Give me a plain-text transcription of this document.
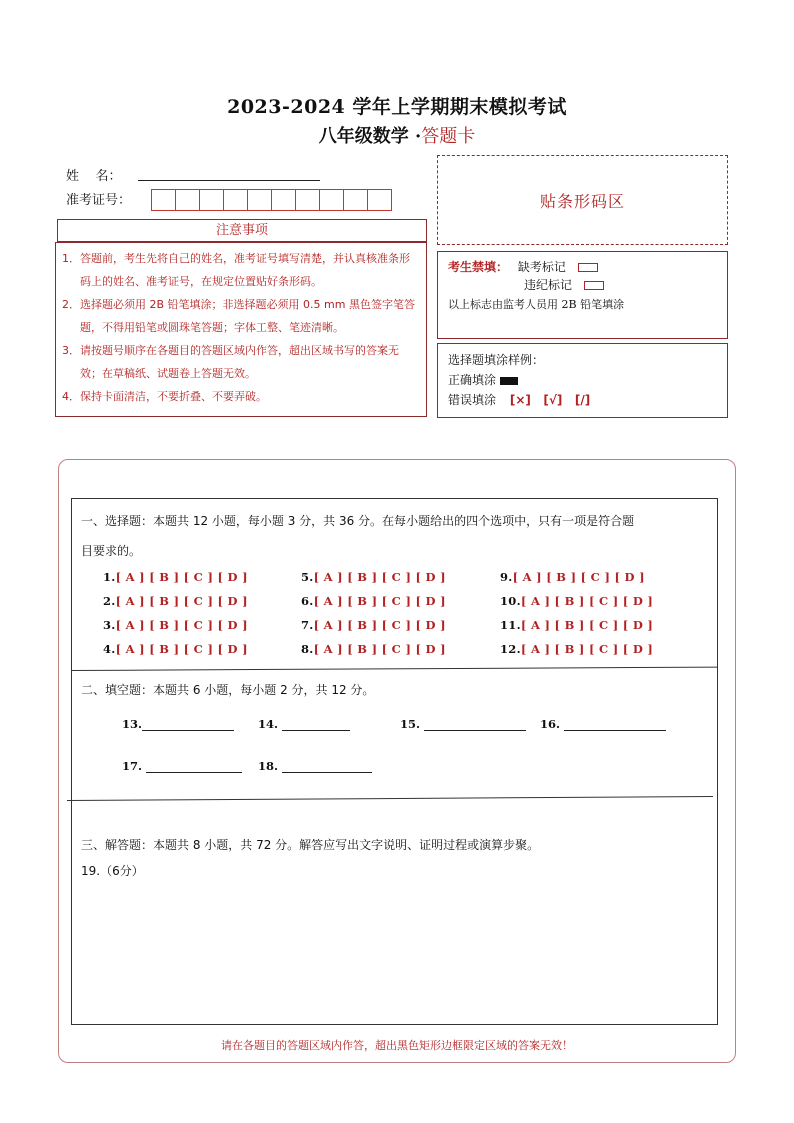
2023-2024 学年上学期期末模拟考试
八年级数学 ·答题卡
姓    名：
准考证号：	贴条形码区
注意事项
1． 答题前，考生先将自己的姓名，准考证号填写清楚，并认真核准条形码上的姓名、准考证号，在规定位置贴好条形码。
2． 选择题必须用 2B 铅笔填涂；非选择题必须用 0.5 mm 黑色签字笔答题，不得用铅笔或圆珠笔答题；字体工整、笔迹清晰。
3． 请按题号顺序在各题目的答题区域内作答，超出区域书写的答案无效；在草稿纸、试题卷上答题无效。
4． 保持卡面清洁，不要折叠、不要弄破。
考生禁填： 缺考标记
违纪标记
以上标志由监考人员用 2B 铅笔填涂
选择题填涂样例：
正确填涂
错误填涂 [×]   [√]   [/]
一、选择题：本题共 12 小题，每小题 3 分，共 36 分。在每小题给出的四个选项中，只有一项是符合题
目要求的。
1.[ A ] [ B ] [ C ] [ D ]
2.[ A ] [ B ] [ C ] [ D ]
3.[ A ] [ B ] [ C ] [ D ]
4.[ A ] [ B ] [ C ] [ D ]
5.[ A ] [ B ] [ C ] [ D ]
6.[ A ] [ B ] [ C ] [ D ]
7.[ A ] [ B ] [ C ] [ D ]
8.[ A ] [ B ] [ C ] [ D ]
9.[ A ] [ B ] [ C ] [ D ]
10.[ A ] [ B ] [ C ] [ D ]
11.[ A ] [ B ] [ C ] [ D ]
12.[ A ] [ B ] [ C ] [ D ]
二、填空题：本题共 6 小题，每小题 2 分，共 12 分。
13.	14.	15.	16.
17.	18.
三、解答题：本题共 8 小题，共 72 分。解答应写出文字说明、证明过程或演算步聚。
19.（6分）
请在各题目的答题区域内作答，超出黑色矩形边框限定区域的答案无效！
